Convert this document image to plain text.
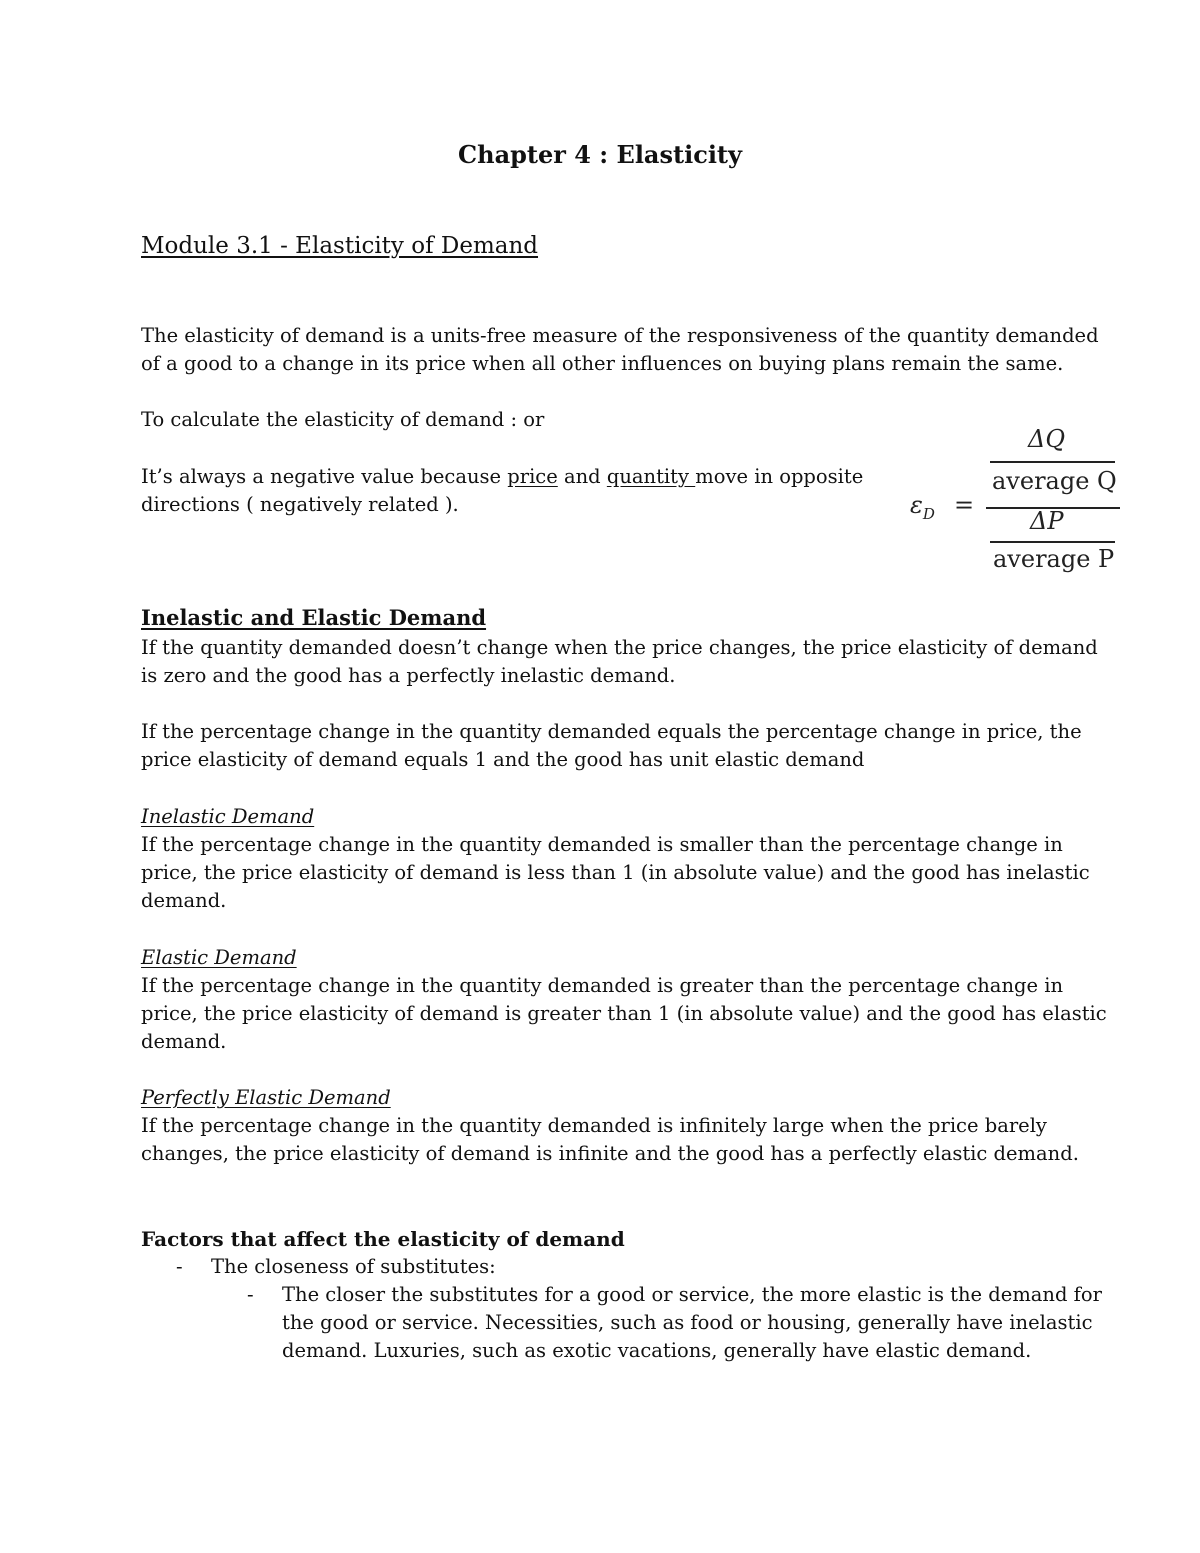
Chapter 4 : Elasticity
Module 3.1 - Elasticity of Demand
The elasticity of demand is a units-free measure of the responsiveness of the quantity demanded
of a good to a change in its price when all other influences on buying plans remain the same.
To calculate the elasticity of demand : or
It’s always a negative value because price and quantity move in opposite
directions ( negatively related ).	$\varepsilon_D$ =
ΔQ
average Q
ΔP
average P
Inelastic and Elastic Demand
If the quantity demanded doesn’t change when the price changes, the price elasticity of demand
is zero and the good has a perfectly inelastic demand.
If the percentage change in the quantity demanded equals the percentage change in price, the
price elasticity of demand equals 1 and the good has unit elastic demand
Inelastic Demand
If the percentage change in the quantity demanded is smaller than the percentage change in
price, the price elasticity of demand is less than 1 (in absolute value) and the good has inelastic
demand.
Elastic Demand
If the percentage change in the quantity demanded is greater than the percentage change in
price, the price elasticity of demand is greater than 1 (in absolute value) and the good has elastic
demand.
Perfectly Elastic Demand
If the percentage change in the quantity demanded is infinitely large when the price barely
changes, the price elasticity of demand is infinite and the good has a perfectly elastic demand.
Factors that affect the elasticity of demand
- The closeness of substitutes:
- The closer the substitutes for a good or service, the more elastic is the demand for
the good or service. Necessities, such as food or housing, generally have inelastic
demand. Luxuries, such as exotic vacations, generally have elastic demand.
